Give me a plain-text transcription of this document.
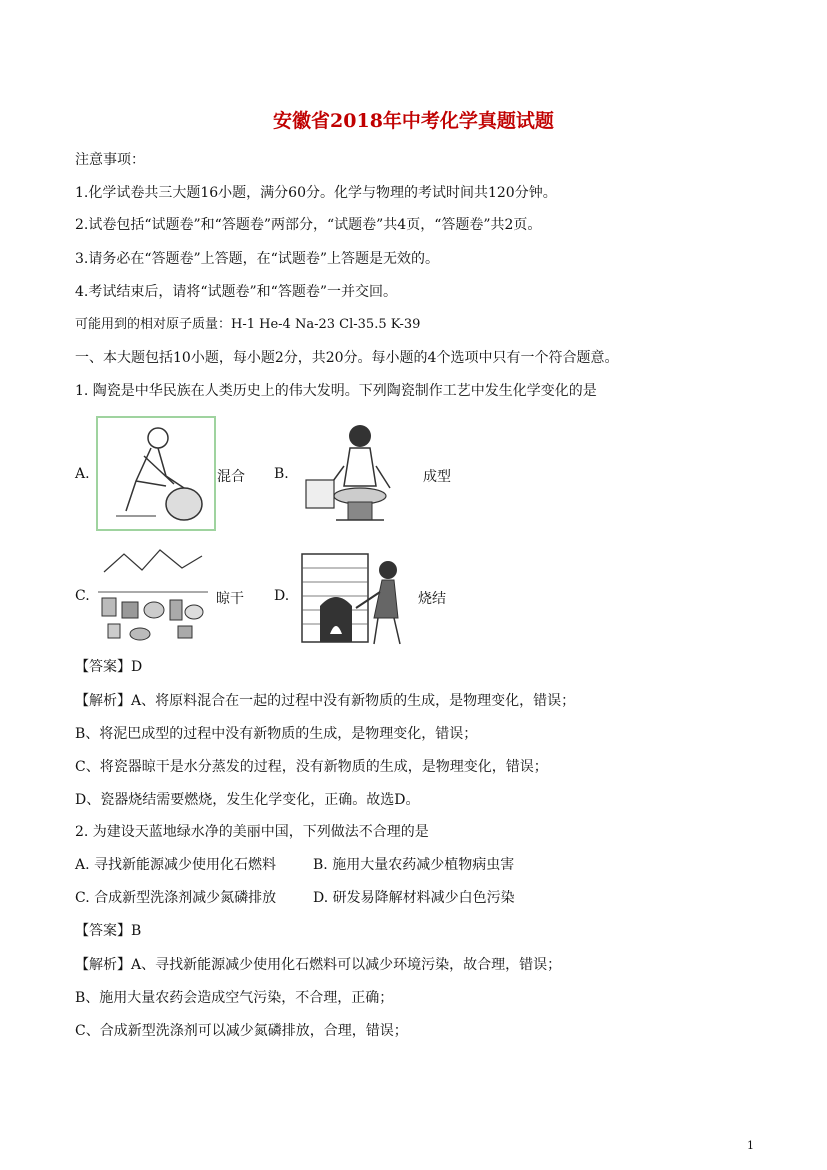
安徽省2018年中考化学真题试题
注意事项：
1.化学试卷共三大题16小题，满分60分。化学与物理的考试时间共120分钟。
2.试卷包括“试题卷”和“答题卷”两部分，“试题卷”共4页，“答题卷”共2页。
3.请务必在“答题卷”上答题，在“试题卷”上答题是无效的。
4.考试结束后，请将“试题卷”和“答题卷”一并交回。
可能用到的相对原子质量：H-1 He-4 Na-23 Cl-35.5 K-39
一、本大题包括10小题，每小题2分，共20分。每小题的4个选项中只有一个符合题意。
1. 陶瓷是中华民族在人类历史上的伟大发明。下列陶瓷制作工艺中发生化学变化的是
A.	混合 B.	成型
C.	晾干 D.	烧结
【答案】D
【解析】A、将原料混合在一起的过程中没有新物质的生成，是物理变化，错误；
B、将泥巴成型的过程中没有新物质的生成，是物理变化，错误；
C、将瓷器晾干是水分蒸发的过程，没有新物质的生成，是物理变化，错误；
D、瓷器烧结需要燃烧，发生化学变化，正确。故选D。
2. 为建设天蓝地绿水净的美丽中国，下列做法不合理的是
A. 寻找新能源减少使用化石燃料	B. 施用大量农药减少植物病虫害
C. 合成新型洗涤剂减少氮磷排放	D. 研发易降解材料减少白色污染
【答案】B
【解析】A、寻找新能源减少使用化石燃料可以减少环境污染，故合理，错误；
B、施用大量农药会造成空气污染，不合理，正确；
C、合成新型洗涤剂可以减少氮磷排放，合理，错误；
1
